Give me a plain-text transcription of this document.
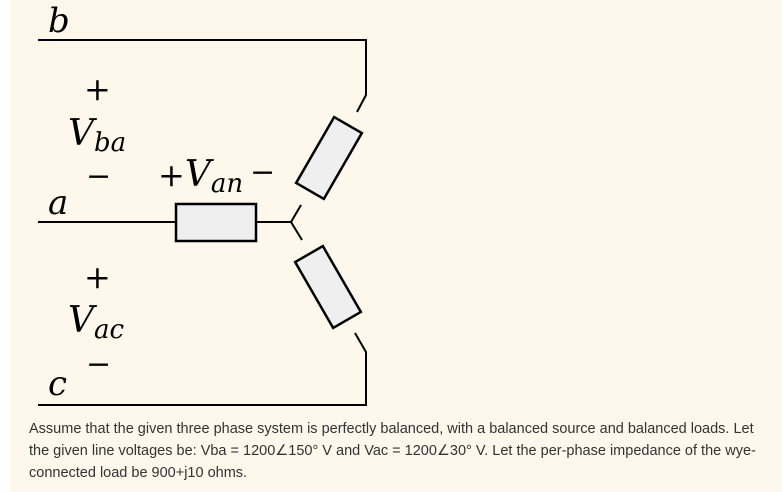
b
a
c
+
Vba
−
+
Vac
−
+Van −
Assume that the given three phase system is perfectly balanced, with a balanced source and balanced loads. Let the given line voltages be: Vba = 1200∠150° V and Vac = 1200∠30° V. Let the per-phase impedance of the wye-connected load be 900+j10 ohms.
